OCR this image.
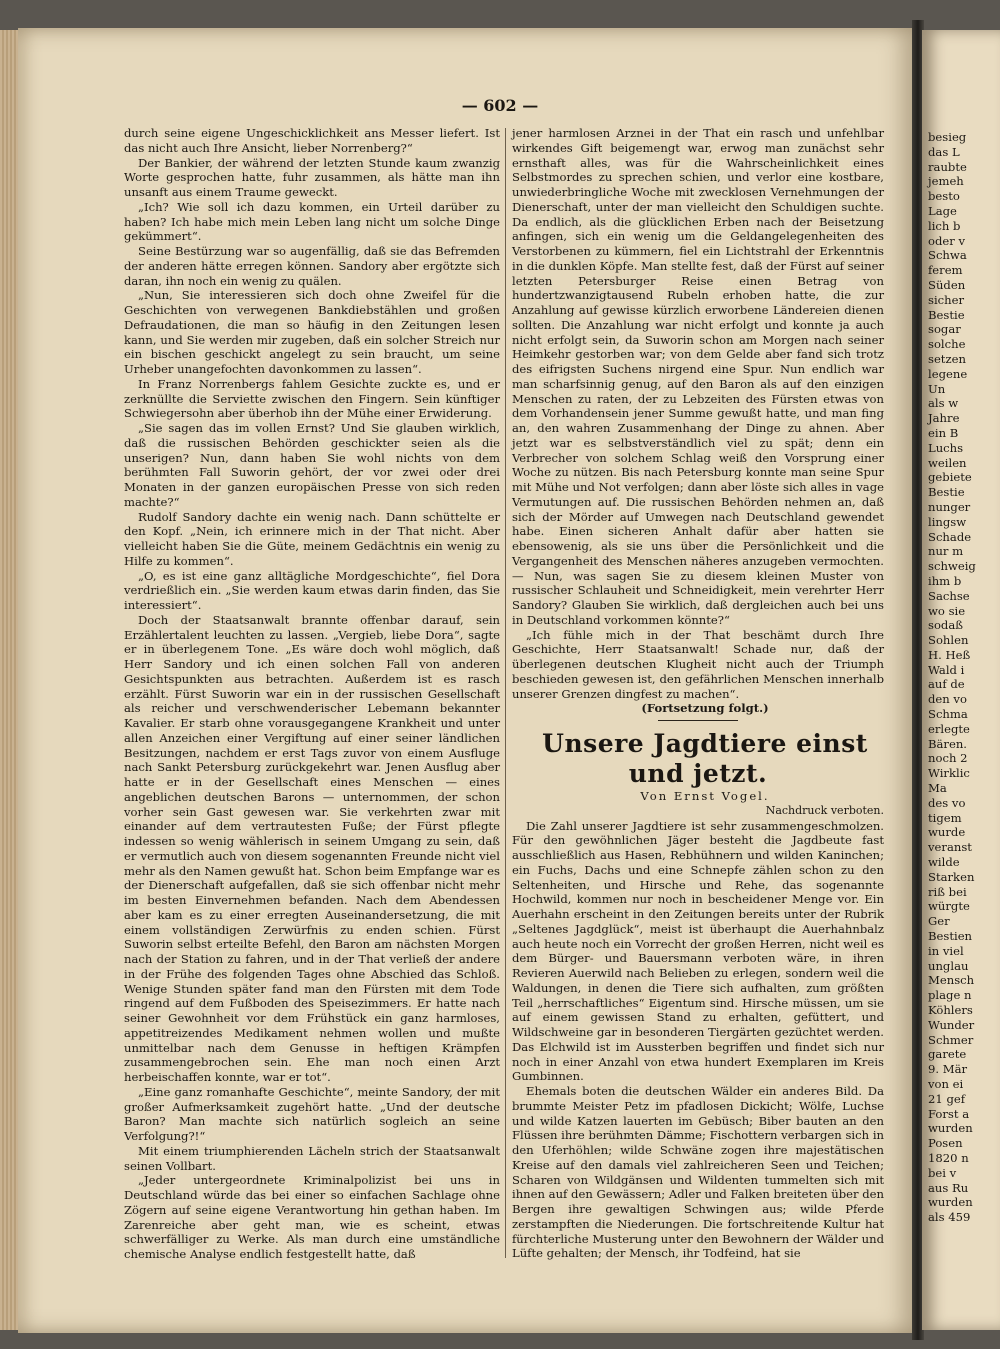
— 602 —

durch seine eigene Ungeschicklichkeit ans Messer liefert. Ist das nicht auch Ihre Ansicht, lieber Norrenberg?“

Der Bankier, der während der letzten Stunde kaum zwanzig Worte gesprochen hatte, fuhr zusammen, als hätte man ihn unsanft aus einem Traume geweckt.

„Ich? Wie soll ich dazu kommen, ein Urteil darüber zu haben? Ich habe mich mein Leben lang nicht um solche Dinge gekümmert“.

Seine Bestürzung war so augenfällig, daß sie das Befremden der anderen hätte erregen können. Sandory aber ergötzte sich daran, ihn noch ein wenig zu quälen.

„Nun, Sie interessieren sich doch ohne Zweifel für die Geschichten von verwegenen Bankdiebstählen und großen Defraudationen, die man so häufig in den Zeitungen lesen kann, und Sie werden mir zugeben, daß ein solcher Streich nur ein bischen geschickt angelegt zu sein braucht, um seine Urheber unangefochten davonkommen zu lassen“.

In Franz Norrenbergs fahlem Gesichte zuckte es, und er zerknüllte die Serviette zwischen den Fingern. Sein künftiger Schwiegersohn aber überhob ihn der Mühe einer Erwiderung.

„Sie sagen das im vollen Ernst? Und Sie glauben wirklich, daß die russischen Behörden geschickter seien als die unserigen? Nun, dann haben Sie wohl nichts von dem berühmten Fall Suworin gehört, der vor zwei oder drei Monaten in der ganzen europäischen Presse von sich reden machte?“

Rudolf Sandory dachte ein wenig nach. Dann schüttelte er den Kopf. „Nein, ich erinnere mich in der That nicht. Aber vielleicht haben Sie die Güte, meinem Gedächtnis ein wenig zu Hilfe zu kommen“.

„O, es ist eine ganz alltägliche Mordgeschichte“, fiel Dora verdrießlich ein. „Sie werden kaum etwas darin finden, das Sie interessiert“.

Doch der Staatsanwalt brannte offenbar darauf, sein Erzählertalent leuchten zu lassen. „Vergieb, liebe Dora“, sagte er in überlegenem Tone. „Es wäre doch wohl möglich, daß Herr Sandory und ich einen solchen Fall von anderen Gesichtspunkten aus betrachten. Außerdem ist es rasch erzählt. Fürst Suworin war ein in der russischen Gesellschaft als reicher und verschwenderischer Lebemann bekannter Kavalier. Er starb ohne vorausgegangene Krankheit und unter allen Anzeichen einer Vergiftung auf einer seiner ländlichen Besitzungen, nachdem er erst Tags zuvor von einem Ausfluge nach Sankt Petersburg zurückgekehrt war. Jenen Ausflug aber hatte er in der Gesellschaft eines Menschen — eines angeblichen deutschen Barons — unternommen, der schon vorher sein Gast gewesen war. Sie verkehrten zwar mit einander auf dem vertrautesten Fuße; der Fürst pflegte indessen so wenig wählerisch in seinem Umgang zu sein, daß er vermutlich auch von diesem sogenannten Freunde nicht viel mehr als den Namen gewußt hat. Schon beim Empfange war es der Dienerschaft aufgefallen, daß sie sich offenbar nicht mehr im besten Einvernehmen befanden. Nach dem Abendessen aber kam es zu einer erregten Auseinandersetzung, die mit einem vollständigen Zerwürfnis zu enden schien. Fürst Suworin selbst erteilte Befehl, den Baron am nächsten Morgen nach der Station zu fahren, und in der That verließ der andere in der Frühe des folgenden Tages ohne Abschied das Schloß. Wenige Stunden später fand man den Fürsten mit dem Tode ringend auf dem Fußboden des Speisezimmers. Er hatte nach seiner Gewohnheit vor dem Frühstück ein ganz harmloses, appetitreizendes Medikament nehmen wollen und mußte unmittelbar nach dem Genusse in heftigen Krämpfen zusammengebrochen sein. Ehe man noch einen Arzt herbeischaffen konnte, war er tot“.

„Eine ganz romanhafte Geschichte“, meinte Sandory, der mit großer Aufmerksamkeit zugehört hatte. „Und der deutsche Baron? Man machte sich natürlich sogleich an seine Verfolgung?!“

Mit einem triumphierenden Lächeln strich der Staatsanwalt seinen Vollbart.

„Jeder untergeordnete Kriminalpolizist bei uns in Deutschland würde das bei einer so einfachen Sachlage ohne Zögern auf seine eigene Verantwortung hin gethan haben. Im Zarenreiche aber geht man, wie es scheint, etwas schwerfälliger zu Werke. Als man durch eine umständliche chemische Analyse endlich festgestellt hatte, daß

jener harmlosen Arznei in der That ein rasch und unfehlbar wirkendes Gift beigemengt war, erwog man zunächst sehr ernsthaft alles, was für die Wahrscheinlichkeit eines Selbstmordes zu sprechen schien, und verlor eine kostbare, unwiederbringliche Woche mit zwecklosen Vernehmungen der Dienerschaft, unter der man vielleicht den Schuldigen suchte. Da endlich, als die glücklichen Erben nach der Beisetzung anfingen, sich ein wenig um die Geldangelegenheiten des Verstorbenen zu kümmern, fiel ein Lichtstrahl der Erkenntnis in die dunklen Köpfe. Man stellte fest, daß der Fürst auf seiner letzten Petersburger Reise einen Betrag von hundertzwanzigtausend Rubeln erhoben hatte, die zur Anzahlung auf gewisse kürzlich erworbene Ländereien dienen sollten. Die Anzahlung war nicht erfolgt und konnte ja auch nicht erfolgt sein, da Suworin schon am Morgen nach seiner Heimkehr gestorben war; von dem Gelde aber fand sich trotz des eifrigsten Suchens nirgend eine Spur. Nun endlich war man scharfsinnig genug, auf den Baron als auf den einzigen Menschen zu raten, der zu Lebzeiten des Fürsten etwas von dem Vorhandensein jener Summe gewußt hatte, und man fing an, den wahren Zusammenhang der Dinge zu ahnen. Aber jetzt war es selbstverständlich viel zu spät; denn ein Verbrecher von solchem Schlag weiß den Vorsprung einer Woche zu nützen. Bis nach Petersburg konnte man seine Spur mit Mühe und Not verfolgen; dann aber löste sich alles in vage Vermutungen auf. Die russischen Behörden nehmen an, daß sich der Mörder auf Umwegen nach Deutschland gewendet habe. Einen sicheren Anhalt dafür aber hatten sie ebensowenig, als sie uns über die Persönlichkeit und die Vergangenheit des Menschen näheres anzugeben vermochten. — Nun, was sagen Sie zu diesem kleinen Muster von russischer Schlauheit und Schneidigkeit, mein verehrter Herr Sandory? Glauben Sie wirklich, daß dergleichen auch bei uns in Deutschland vorkommen könnte?“

„Ich fühle mich in der That beschämt durch Ihre Geschichte, Herr Staatsanwalt! Schade nur, daß der überlegenen deutschen Klugheit nicht auch der Triumph beschieden gewesen ist, den gefährlichen Menschen innerhalb unserer Grenzen dingfest zu machen“.

(Fortsetzung folgt.)

Unsere Jagdtiere einst und jetzt.

Von Ernst Vogel.

Nachdruck verboten.

Die Zahl unserer Jagdtiere ist sehr zusammengeschmolzen. Für den gewöhnlichen Jäger besteht die Jagdbeute fast ausschließlich aus Hasen, Rebhühnern und wilden Kaninchen; ein Fuchs, Dachs und eine Schnepfe zählen schon zu den Seltenheiten, und Hirsche und Rehe, das sogenannte Hochwild, kommen nur noch in bescheidener Menge vor. Ein Auerhahn erscheint in den Zeitungen bereits unter der Rubrik „Seltenes Jagdglück“, meist ist überhaupt die Auerhahnbalz auch heute noch ein Vorrecht der großen Herren, nicht weil es dem Bürger- und Bauersmann verboten wäre, in ihren Revieren Auerwild nach Belieben zu erlegen, sondern weil die Waldungen, in denen die Tiere sich aufhalten, zum größten Teil „herrschaftliches“ Eigentum sind. Hirsche müssen, um sie auf einem gewissen Stand zu erhalten, gefüttert, und Wildschweine gar in besonderen Tiergärten gezüchtet werden. Das Elchwild ist im Aussterben begriffen und findet sich nur noch in einer Anzahl von etwa hundert Exemplaren im Kreis Gumbinnen.

Ehemals boten die deutschen Wälder ein anderes Bild. Da brummte Meister Petz im pfadlosen Dickicht; Wölfe, Luchse und wilde Katzen lauerten im Gebüsch; Biber bauten an den Flüssen ihre berühmten Dämme; Fischottern verbargen sich in den Uferhöhlen; wilde Schwäne zogen ihre majestätischen Kreise auf den damals viel zahlreicheren Seen und Teichen; Scharen von Wildgänsen und Wildenten tummelten sich mit ihnen auf den Gewässern; Adler und Falken breiteten über den Bergen ihre gewaltigen Schwingen aus; wilde Pferde zerstampften die Niederungen. Die fortschreitende Kultur hat fürchterliche Musterung unter den Bewohnern der Wälder und Lüfte gehalten; der Mensch, ihr Todfeind, hat sie

besieg
das L
raubte
jemeh
besto
Lage
lich b
oder v
Schwa
ferem
Süden
sicher
Bestie
sogar
solche
setzen
legene
Un
als w
Jahre
ein B
Luchs
weilen
gebiete
Bestie
nunger
lingsw
Schade
nur m
schweig
ihm b
Sachse
wo sie
sodaß
Sohlen
H. Heß
Wald i
auf de
den vo
Schma
erlegte
Bären.
noch 2
Wirklic
Ma
des vo
tigem
wurde
veranst
wilde
Starken
riß bei
würgte
Ger
Bestien
in viel
unglau
Mensch
plage n
Köhlers
Wunder
Schmer
garete
9. Mär
von ei
21 gef
Forst a
wurden
Posen
1820 n
bei v
aus Ru
wurden
als 459
